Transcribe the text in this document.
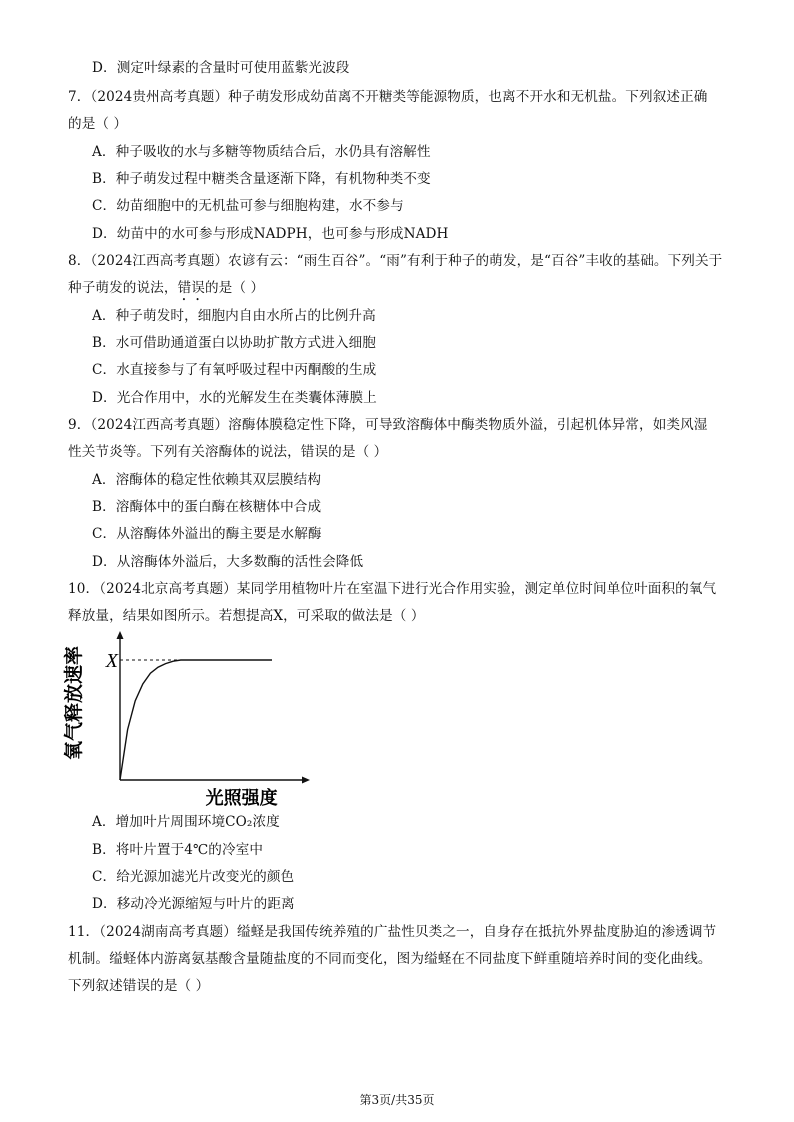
D．测定叶绿素的含量时可使用蓝紫光波段
7．（2024贵州高考真题）种子萌发形成幼苗离不开糖类等能源物质，也离不开水和无机盐。下列叙述正确
的是（ ）
A．种子吸收的水与多糖等物质结合后，水仍具有溶解性
B．种子萌发过程中糖类含量逐渐下降，有机物种类不变
C．幼苗细胞中的无机盐可参与细胞构建，水不参与
D．幼苗中的水可参与形成NADPH，也可参与形成NADH
8．（2024江西高考真题）农谚有云：“雨生百谷”。“雨”有利于种子的萌发，是“百谷”丰收的基础。下列关于
种子萌发的说法，错误的是（ ）
A．种子萌发时，细胞内自由水所占的比例升高
B．水可借助通道蛋白以协助扩散方式进入细胞
C．水直接参与了有氧呼吸过程中丙酮酸的生成
D．光合作用中，水的光解发生在类囊体薄膜上
9．（2024江西高考真题）溶酶体膜稳定性下降，可导致溶酶体中酶类物质外溢，引起机体异常，如类风湿
性关节炎等。下列有关溶酶体的说法，错误的是（ ）
A．溶酶体的稳定性依赖其双层膜结构
B．溶酶体中的蛋白酶在核糖体中合成
C．从溶酶体外溢出的酶主要是水解酶
D．从溶酶体外溢后，大多数酶的活性会降低
10．（2024北京高考真题）某同学用植物叶片在室温下进行光合作用实验，测定单位时间单位叶面积的氧气
释放量，结果如图所示。若想提高X，可采取的做法是（ ）
X
氧气释放速率
光照强度
A．增加叶片周围环境CO₂浓度
B．将叶片置于4℃的冷室中
C．给光源加滤光片改变光的颜色
D．移动冷光源缩短与叶片的距离
11．（2024湖南高考真题）缢蛏是我国传统养殖的广盐性贝类之一，自身存在抵抗外界盐度胁迫的渗透调节
机制。缢蛏体内游离氨基酸含量随盐度的不同而变化，图为缢蛏在不同盐度下鲜重随培养时间的变化曲线。
下列叙述错误的是（ ）
第3页/共35页
